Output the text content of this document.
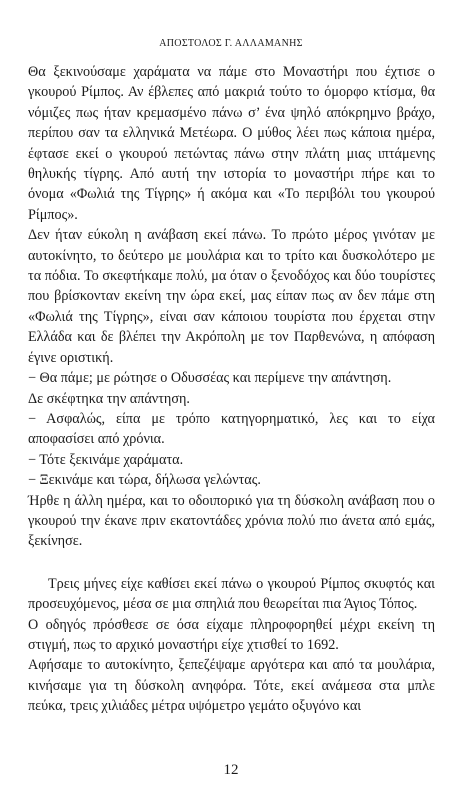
ΑΠΟΣΤΟΛΟΣ Γ. ΑΛΛΑΜΑΝΗΣ

Θα ξεκινούσαμε χαράματα να πάμε στο Μοναστήρι που έχτισε ο γκουρού Ρίμπος. Αν έβλεπες από μακριά τούτο το όμορφο κτίσμα, θα νόμιζες πως ήταν κρεμασμένο πάνω σ’ ένα ψηλό απόκρημνο βράχο, περίπου σαν τα ελληνικά Μετέωρα. Ο μύθος λέει πως κάποια ημέρα, έφτασε εκεί ο γκουρού πετώντας πάνω στην πλάτη μιας ιπτάμενης θηλυκής τίγρης. Από αυτή την ιστορία το μοναστήρι πήρε και το όνομα «Φωλιά της Τίγρης» ή ακόμα και «Το περιβόλι του γκουρού Ρίμπος».

Δεν ήταν εύκολη η ανάβαση εκεί πάνω. Το πρώτο μέρος γινόταν με αυτοκίνητο, το δεύτερο με μουλάρια και το τρίτο και δυσκολότερο με τα πόδια. Το σκεφτήκαμε πολύ, μα όταν ο ξενοδόχος και δύο τουρίστες που βρίσκονταν εκείνη την ώρα εκεί, μας είπαν πως αν δεν πάμε στη «Φωλιά της Τίγρης», είναι σαν κάποιου τουρίστα που έρχεται στην Ελλάδα και δε βλέπει την Ακρόπολη με τον Παρθενώνα, η απόφαση έγινε οριστική.

− Θα πάμε; με ρώτησε ο Οδυσσέας και περίμενε την απάντηση.

Δε σκέφτηκα την απάντηση.

− Ασφαλώς, είπα με τρόπο κατηγορηματικό, λες και το είχα αποφασίσει από χρόνια.

− Τότε ξεκινάμε χαράματα.

− Ξεκινάμε και τώρα, δήλωσα γελώντας.

Ήρθε η άλλη ημέρα, και το οδοιπορικό για τη δύσκολη ανάβαση που ο γκουρού την έκανε πριν εκατοντάδες χρόνια πολύ πιο άνετα από εμάς, ξεκίνησε.

Τρεις μήνες είχε καθίσει εκεί πάνω ο γκουρού Ρίμπος σκυφτός και προσευχόμενος, μέσα σε μια σπηλιά που θεωρείται πια Άγιος Τόπος.

Ο οδηγός πρόσθεσε σε όσα είχαμε πληροφορηθεί μέχρι εκείνη τη στιγμή, πως το αρχικό μοναστήρι είχε χτισθεί το 1692.

Αφήσαμε το αυτοκίνητο, ξεπεζέψαμε αργότερα και από τα μουλάρια, κινήσαμε για τη δύσκολη ανηφόρα. Τότε, εκεί ανάμεσα στα μπλε πεύκα, τρεις χιλιάδες μέτρα υψόμετρο γεμάτο οξυγόνο και

12
